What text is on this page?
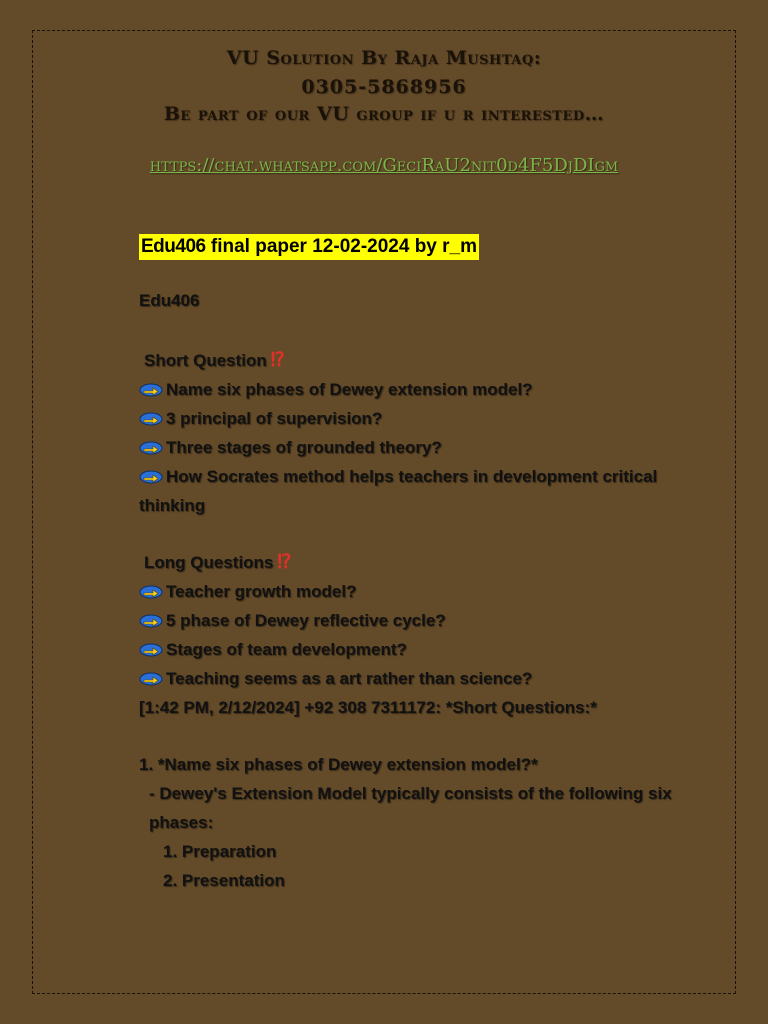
VU Solution By Raja Mushtaq:

0305-5868956

Be part of our VU group if u r interested…

https://chat.whatsapp.com/GeciRaU2nit0d4F5DjDIgm
Edu406 final paper 12-02-2024 by r_m

Edu406

Short Question ⁉

Name six phases of Dewey extension model?

3 principal of supervision?

Three stages of grounded theory?

How Socrates method helps teachers in development critical thinking

Long Questions ⁉

Teacher growth model?

5 phase of Dewey reflective cycle?

Stages of team development?

Teaching seems as a art rather than science?

[1:42 PM, 2/12/2024] +92 308 7311172: *Short Questions:*

1. *Name six phases of Dewey extension model?*

- Dewey's Extension Model typically consists of the following six phases:

1. Preparation

2. Presentation
